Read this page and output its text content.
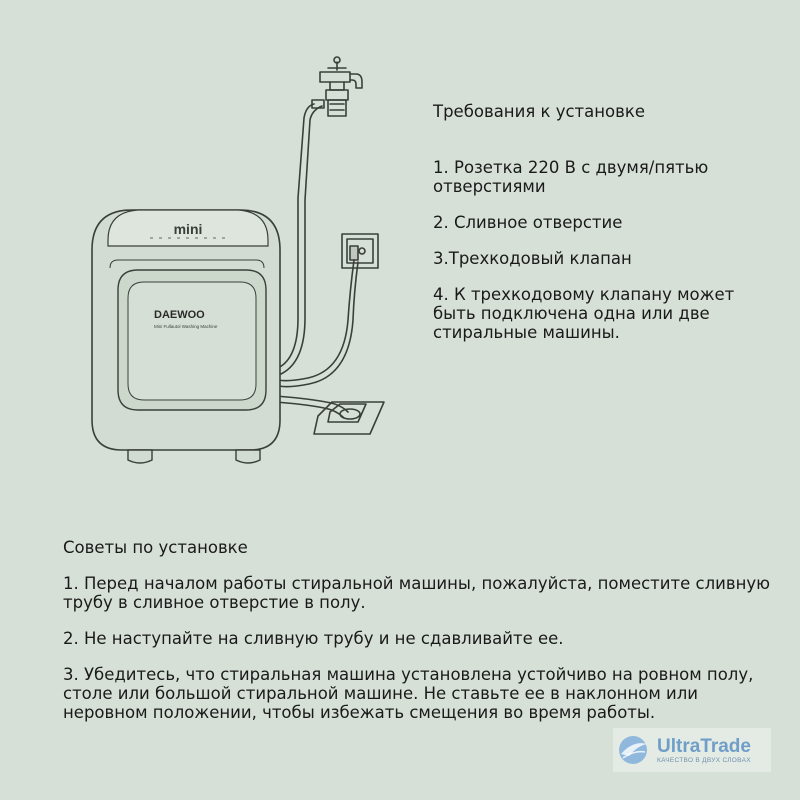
mini
DAEWOO
Mini Fullautol Washing Machine
Требования к установке
1. Розетка 220 В с двумя/пятью отверстиями
2. Сливное отверстие
3.Трехкодовый клапан
4. К трехкодовому клапану может быть подключена одна или две стиральные машины.
Советы по установке
1. Перед началом работы стиральной машины, пожалуйста, поместите сливную трубу в сливное отверстие в полу.
2. Не наступайте на сливную трубу и не сдавливайте ее.
3. Убедитесь, что стиральная машина установлена устойчиво на ровном полу, столе или большой стиральной машине. Не ставьте ее в наклонном или неровном положении, чтобы избежать смещения во время работы.
UltraTrade
КАЧЕСТВО В ДВУХ СЛОВАХ
